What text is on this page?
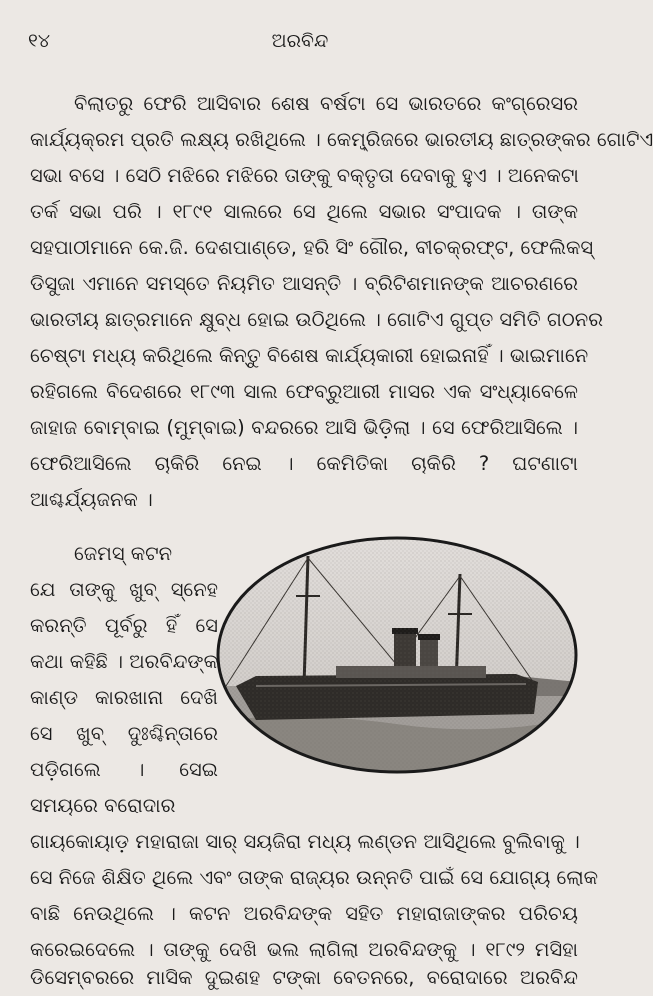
୧୪	ଅରବିନ୍ଦ
ବିଲାତରୁ ଫେରି ଆସିବାର ଶେଷ ବର୍ଷଟା ସେ ଭାରତରେ କଂଗ୍ରେସର
କାର୍ଯ୍ୟକ୍ରମ ପ୍ରତି ଲକ୍ଷ୍ୟ ରଖିଥିଲେ । କେମ୍ବ୍ରିଜରେ ଭାରତୀୟ ଛାତ୍ରଙ୍କର ଗୋଟିଏ
ସଭା ବସେ । ସେଠି ମଝିରେ ମଝିରେ ତାଙ୍କୁ ବକ୍ତୃତା ଦେବାକୁ ହୁଏ । ଅନେକଟା
ତର୍କ ସଭା ପରି । ୧୮୯୧ ସାଲରେ ସେ ଥିଲେ ସଭାର ସଂପାଦକ । ତାଙ୍କ
ସହପାଠୀମାନେ କେ.ଜି. ଦେଶପାଣ୍ଡେ, ହରି ସିଂ ଗୌର, ବୀଚକ୍ରଫ୍ଟ, ଫେଲିକସ୍
ଡିସୁଜା ଏମାନେ ସମସ୍ତେ ନିୟମିତ ଆସନ୍ତି । ବ୍ରିଟିଶମାନଙ୍କ ଆଚରଣରେ
ଭାରତୀୟ ଛାତ୍ରମାନେ କ୍ଷୁବ୍ଧ ହୋଇ ଉଠିଥିଲେ । ଗୋଟିଏ ଗୁପ୍ତ ସମିତି ଗଠନର
ଚେଷ୍ଟା ମଧ୍ୟ କରିଥିଲେ କିନ୍ତୁ ବିଶେଷ କାର୍ଯ୍ୟକାରୀ ହୋଇନାହିଁ । ଭାଇମାନେ
ରହିଗଲେ ବିଦେଶରେ ୧୮୯୩ ସାଲ ଫେବ୍ରୁଆରୀ ମାସର ଏକ ସଂଧ୍ୟାବେଳେ
ଜାହାଜ ବୋମ୍ବାଇ (ମୁମ୍ବାଇ) ବନ୍ଦରରେ ଆସି ଭିଡ଼ିଲା । ସେ ଫେରିଆସିଲେ ।
ଫେରିଆସିଲେ ଚାକିରି ନେଇ । କେମିତିକା ଚାକିରି ? ଘଟଣାଟା
ଆଶ୍ଚର୍ଯ୍ୟଜନକ ।
ଜେମସ୍ କଟନ
ଯେ ତାଙ୍କୁ ଖୁବ୍ ସ୍ନେହ
କରନ୍ତି ପୂର୍ବରୁ ହିଁ ସେ
କଥା କହିଛି । ଅରବିନ୍ଦଙ୍କ
କାଣ୍ଡ କାରଖାନା ଦେଖି
ସେ ଖୁବ୍ ଦୁଃଶ୍ଚିନ୍ତାରେ
ପଡ଼ିଗଲେ । ସେଇ
ସମୟରେ ବରୋଦାର
ଗାୟକୋୟାଡ଼ ମହାରାଜା ସାର୍ ସୟଜିରା ମଧ୍ୟ ଲଣ୍ଡନ ଆସିଥିଲେ ବୁଲିବାକୁ ।
ସେ ନିଜେ ଶିକ୍ଷିତ ଥିଲେ ଏବଂ ତାଙ୍କ ରାଜ୍ୟର ଉନ୍ନତି ପାଇଁ ସେ ଯୋଗ୍ୟ ଲୋକ
ବାଛି ନେଉଥିଲେ । କଟନ ଅରବିନ୍ଦଙ୍କ ସହିତ ମହାରାଜାଙ୍କର ପରିଚୟ
କରେଇଦେଲେ । ତାଙ୍କୁ ଦେଖି ଭଲ ଲାଗିଲା ଅରବିନ୍ଦଙ୍କୁ । ୧୮୯୨ ମସିହା
ଡିସେମ୍ବରରେ ମାସିକ ଦୁଇଶହ ଟଙ୍କା ବେତନରେ, ବରୋଦାରେ ଅରବିନ୍ଦ
